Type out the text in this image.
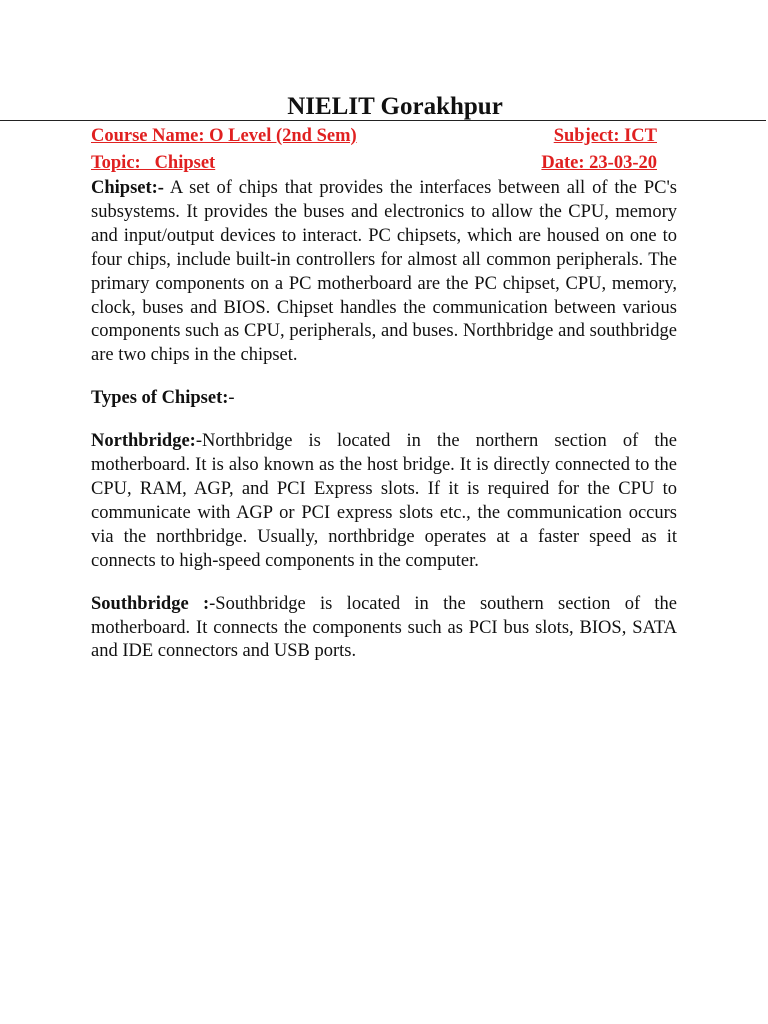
NIELIT Gorakhpur
Course Name: O Level (2nd Sem)	Subject: ICT
Topic:   Chipset	Date: 23-03-20

Chipset:- A set of chips that provides the interfaces between all of the PC's subsystems. It provides the buses and electronics to allow the CPU, memory and input/output devices to interact. PC chipsets, which are housed on one to four chips, include built-in controllers for almost all common peripherals. The primary components on a PC motherboard are the PC chipset, CPU, memory, clock, buses and BIOS. Chipset handles the communication between various components such as CPU, peripherals, and buses. Northbridge and southbridge are two chips in the chipset.

Types of Chipset:-

Northbridge:-Northbridge is located in the northern section of the motherboard. It is also known as the host bridge. It is directly connected to the CPU, RAM, AGP, and PCI Express slots. If it is required for the CPU to communicate with AGP or PCI express slots etc., the communication occurs via the northbridge. Usually, northbridge operates at a faster speed as it connects to high-speed components in the computer.

Southbridge :-Southbridge is located in the southern section of the motherboard. It connects the components such as PCI bus slots, BIOS, SATA and IDE connectors and USB ports.
